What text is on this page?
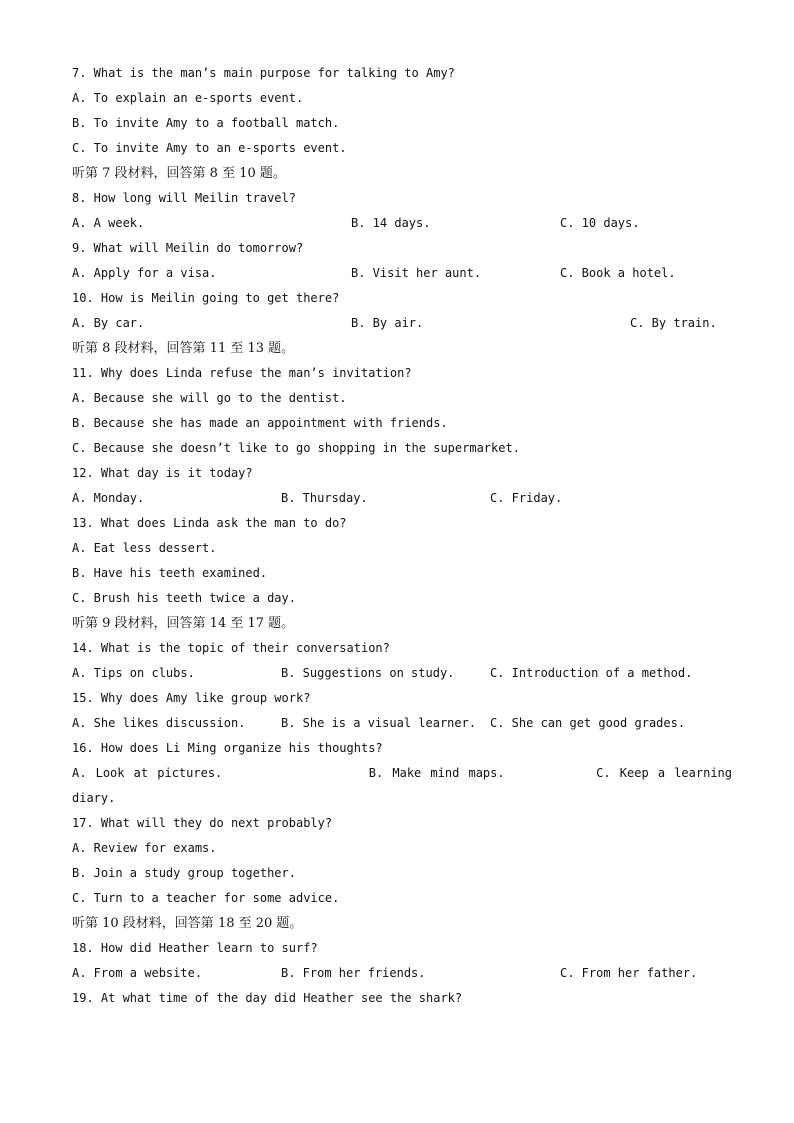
7. What is the man’s main purpose for talking to Amy?
A. To explain an e-sports event.
B. To invite Amy to a football match.
C. To invite Amy to an e-sports event.
听第 7 段材料，回答第 8 至 10 题。
8. How long will Meilin travel?
A. A week.	B. 14 days.	C. 10 days.
9. What will Meilin do tomorrow?
A. Apply for a visa.	B. Visit her aunt.	C. Book a hotel.
10. How is Meilin going to get there?
A. By car.	B. By air.	C. By train.
听第 8 段材料，回答第 11 至 13 题。
11. Why does Linda refuse the man’s invitation?
A. Because she will go to the dentist.
B. Because she has made an appointment with friends.
C. Because she doesn’t like to go shopping in the supermarket.
12. What day is it today?
A. Monday.	B. Thursday.	C. Friday.
13. What does Linda ask the man to do?
A. Eat less dessert.
B. Have his teeth examined.
C. Brush his teeth twice a day.
听第 9 段材料，回答第 14 至 17 题。
14. What is the topic of their conversation?
A. Tips on clubs.	B. Suggestions on study.	C. Introduction of a method.
15. Why does Amy like group work?
A. She likes discussion.	B. She is a visual learner. C. She can get good grades.
16. How does Li Ming organize his thoughts?
A. Look at pictures.                B. Make mind maps.          C. Keep a learning
diary.
17. What will they do next probably?
A. Review for exams.
B. Join a study group together.
C. Turn to a teacher for some advice.
听第 10 段材料，回答第 18 至 20 题。
18. How did Heather learn to surf?
A. From a website.	B. From her friends.	C. From her father.
19. At what time of the day did Heather see the shark?
